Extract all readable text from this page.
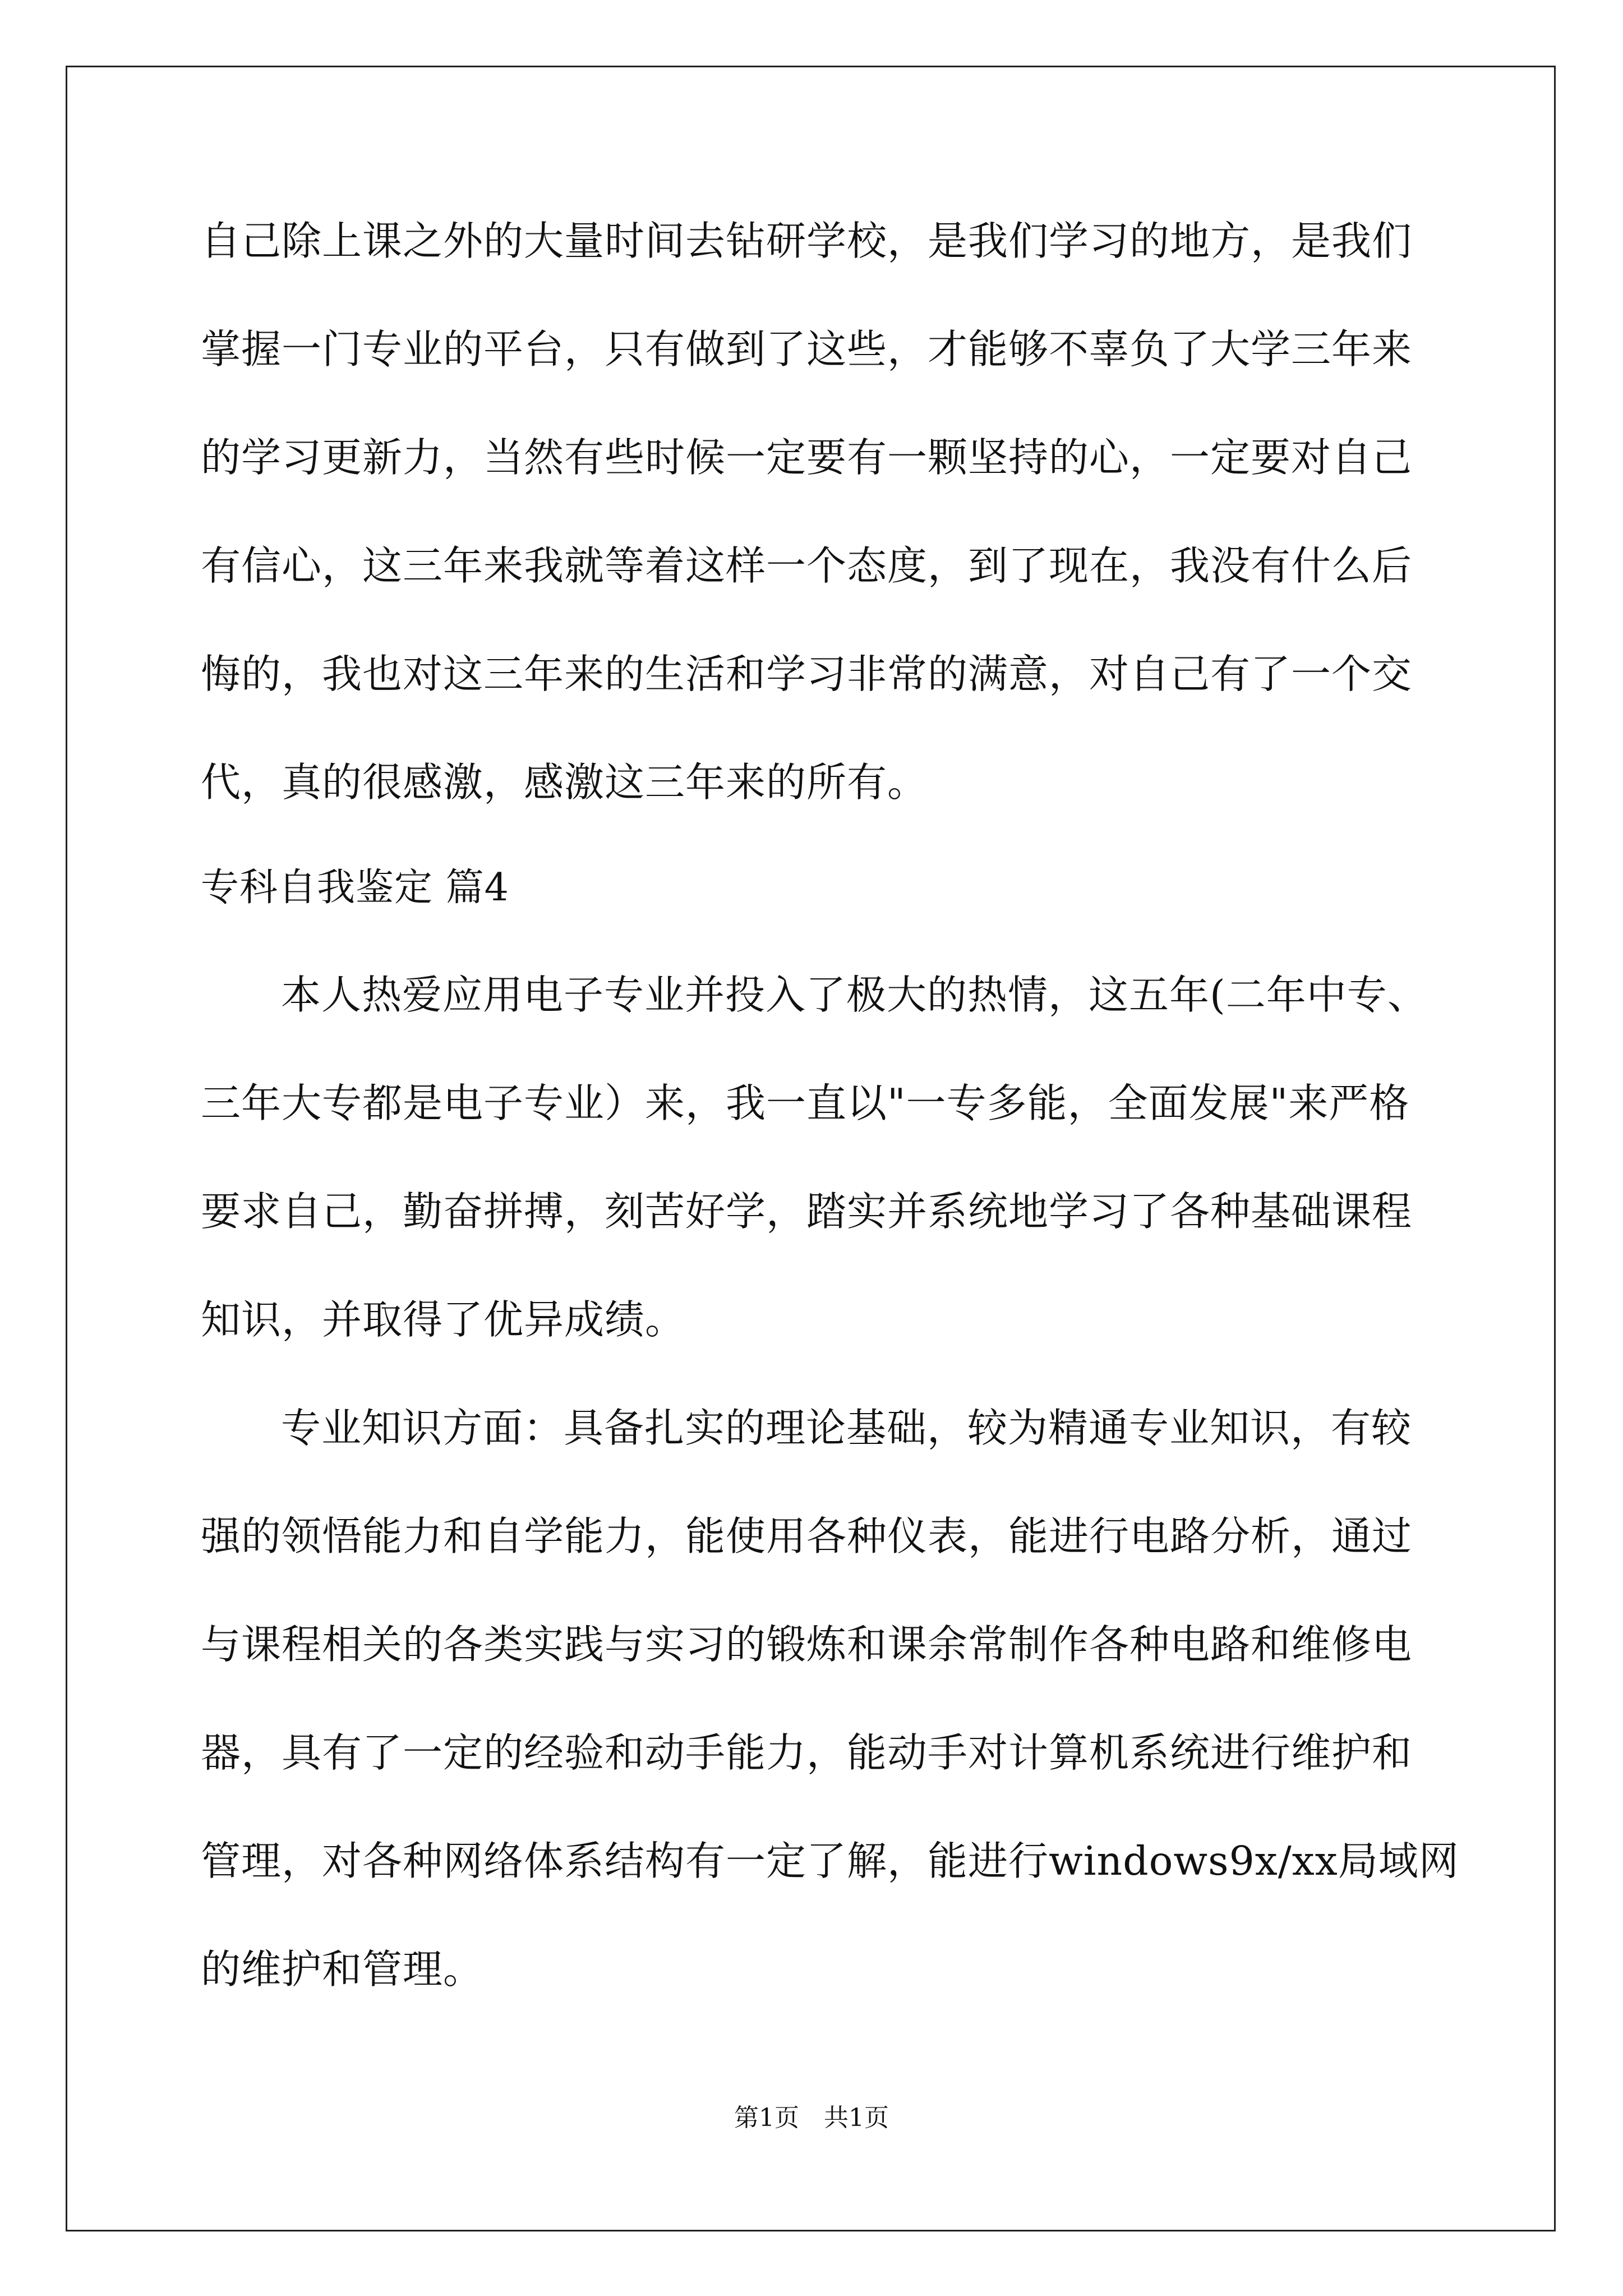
自己除上课之外的大量时间去钻研学校，是我们学习的地方，是我们
掌握一门专业的平台，只有做到了这些，才能够不辜负了大学三年来
的学习更新力，当然有些时候一定要有一颗坚持的心，一定要对自己
有信心，这三年来我就等着这样一个态度，到了现在，我没有什么后
悔的，我也对这三年来的生活和学习非常的满意，对自己有了一个交
代，真的很感激，感激这三年来的所有。
专科自我鉴定 篇4
本人热爱应用电子专业并投入了极大的热情，这五年(二年中专、
三年大专都是电子专业）来，我一直以"一专多能，全面发展"来严格
要求自己，勤奋拼搏，刻苦好学，踏实并系统地学习了各种基础课程
知识，并取得了优异成绩。
专业知识方面：具备扎实的理论基础，较为精通专业知识，有较
强的领悟能力和自学能力，能使用各种仪表，能进行电路分析，通过
与课程相关的各类实践与实习的锻炼和课余常制作各种电路和维修电
器，具有了一定的经验和动手能力，能动手对计算机系统进行维护和
管理，对各种网络体系结构有一定了解，能进行windows9x/xx局域网
的维护和管理。
第1页　共1页
